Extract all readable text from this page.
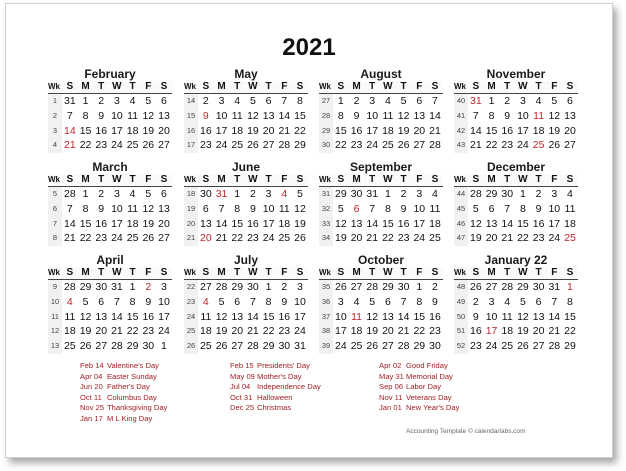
2021
February
Wk S M T W T F S
1 31 1 2 3 4 5 6
2 7 8 9 10 11 12 13
3 14 15 16 17 18 19 20
4 21 22 23 24 25 26 27
May
Wk S M T W T F S
14 2 3 4 5 6 7 8
15 9 10 11 12 13 14 15
16 16 17 18 19 20 21 22
17 23 24 25 26 27 28 29
August
Wk S M T W T F S
27 1 2 3 4 5 6 7
28 8 9 10 11 12 13 14
29 15 16 17 18 19 20 21
30 22 23 24 25 26 27 28
November
Wk S M T W T F S
40 31 1 2 3 4 5 6
41 7 8 9 10 11 12 13
42 14 15 16 17 18 19 20
43 21 22 23 24 25 26 27
March
Wk S M T W T F S
5 28 1 2 3 4 5 6
6 7 8 9 10 11 12 13
7 14 15 16 17 18 19 20
8 21 22 23 24 25 26 27
June
Wk S M T W T F S
18 30 31 1 2 3 4 5
19 6 7 8 9 10 11 12
20 13 14 15 16 17 18 19
21 20 21 22 23 24 25 26
September
Wk S M T W T F S
31 29 30 31 1 2 3 4
32 5 6 7 8 9 10 11
33 12 13 14 15 16 17 18
34 19 20 21 22 23 24 25
December
Wk S M T W T F S
44 28 29 30 1 2 3 4
45 5 6 7 8 9 10 11
46 12 13 14 15 16 17 18
47 19 20 21 22 23 24 25
April
Wk S M T W T F S
9 28 29 30 31 1 2 3
10 4 5 6 7 8 9 10
11 11 12 13 14 15 16 17
12 18 19 20 21 22 23 24
13 25 26 27 28 29 30 1
July
Wk S M T W T F S
22 27 28 29 30 1 2 3
23 4 5 6 7 8 9 10
24 11 12 13 14 15 16 17
25 18 19 20 21 22 23 24
26 25 26 27 28 29 30 31
October
Wk S M T W T F S
35 26 27 28 29 30 1 2
36 3 4 5 6 7 8 9
37 10 11 12 13 14 15 16
38 17 18 19 20 21 22 23
39 24 25 26 27 28 29 30
January 22
Wk S M T W T F S
48 26 27 28 29 30 31 1
49 2 3 4 5 6 7 8
50 9 10 11 12 13 14 15
51 16 17 18 19 20 21 22
52 23 24 25 26 27 28 29
Feb 14 Valentine's Day
Apr 04 Easter Sunday
Jun 20 Father's Day
Oct 11 Columbus Day
Nov 25 Thanksgiving Day
Jan 17 M L King Day
Feb 15 Presidents' Day
May 09 Mother's Day
Jul 04 Independence Day
Oct 31 Halloween
Dec 25 Christmas
Apr 02 Good Friday
May 31 Memorial Day
Sep 06 Labor Day
Nov 11 Veterans Day
Jan 01 New Year's Day
Accounting Template © calendarlabs.com
